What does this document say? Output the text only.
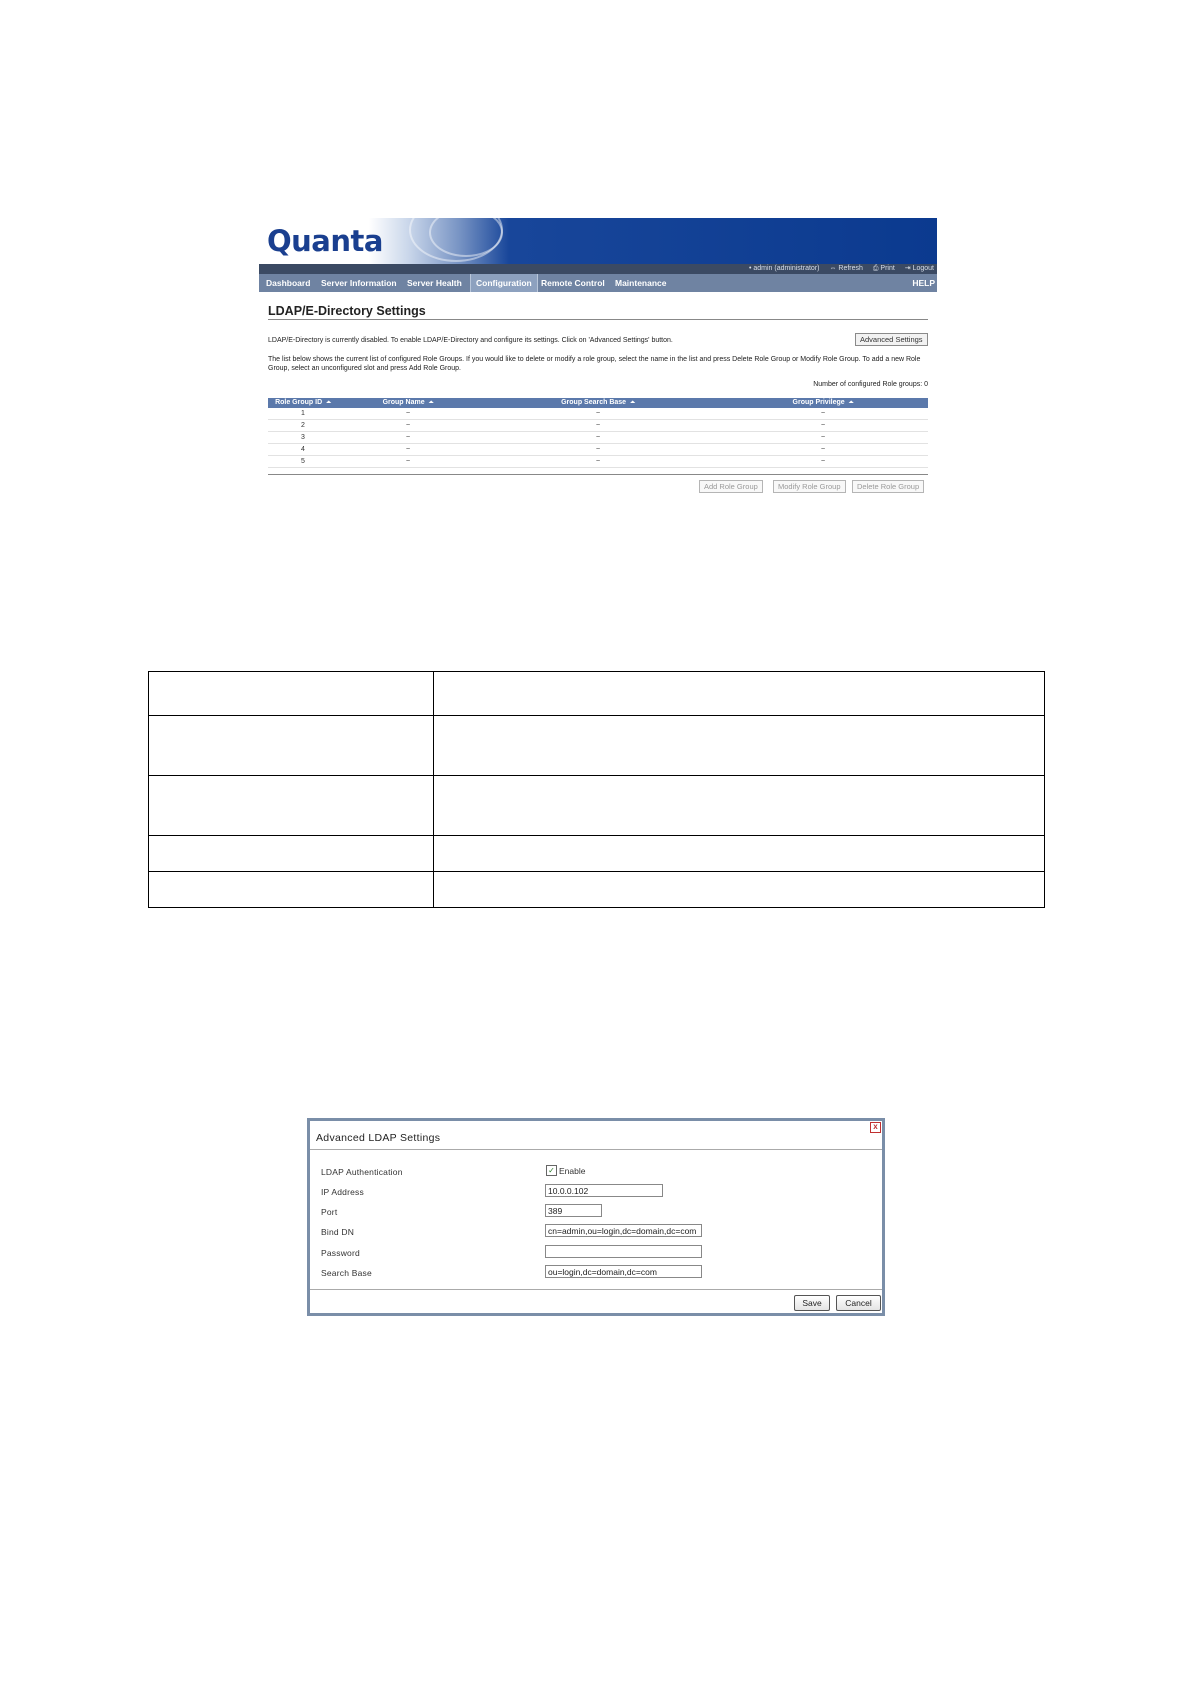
Quanta
• admin (administrator) ⇔ Refresh ⎙ Print ⇥ Logout
Dashboard	Server Information	Server Health	Configuration	Remote Control	Maintenance	HELP
LDAP/E-Directory Settings
LDAP/E-Directory is currently disabled. To enable LDAP/E-Directory and configure its settings. Click on 'Advanced Settings' button.	Advanced Settings
The list below shows the current list of configured Role Groups. If you would like to delete or modify a role group, select the name in the list and press Delete Role Group or Modify Role Group. To add a new Role Group, select an unconfigured slot and press Add Role Group.
Number of configured Role groups: 0
Role Group ID ⏶	Group Name ⏶	Group Search Base ⏶	Group Privilege ⏶
1	~	~	~
2	~	~	~
3	~	~	~
4	~	~	~
5	~	~	~
Add Role Group	Modify Role Group	Delete Role Group

x
Advanced LDAP Settings
LDAP Authentication	✓ Enable
IP Address	10.0.0.102
Port	389
Bind DN	cn=admin,ou=login,dc=domain,dc=com
Password
Search Base	ou=login,dc=domain,dc=com
Save	Cancel
